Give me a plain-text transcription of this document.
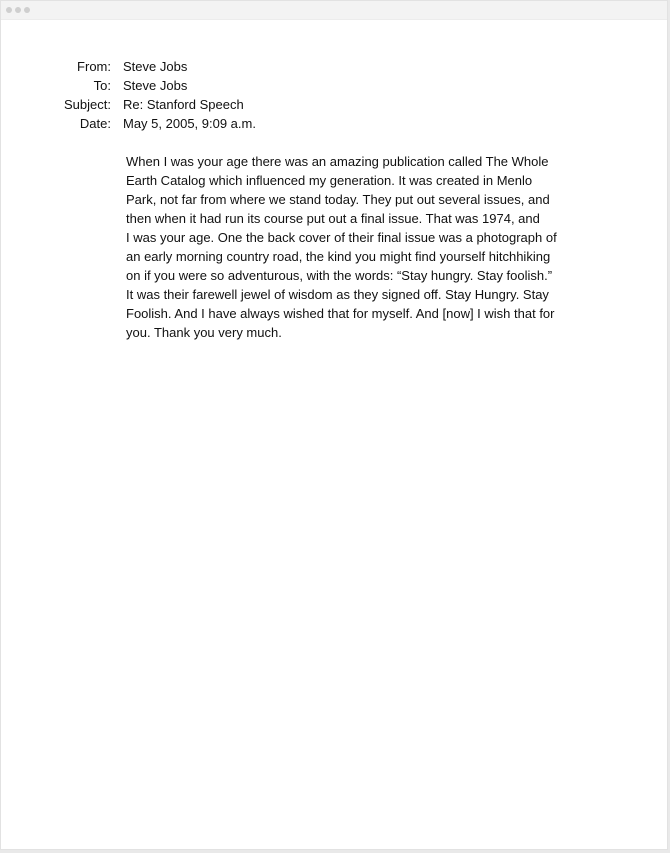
From: Steve Jobs
To: Steve Jobs
Subject: Re: Stanford Speech
Date: May 5, 2005, 9:09 a.m.
When I was your age there was an amazing publication called The Whole
Earth Catalog which influenced my generation. It was created in Menlo
Park, not far from where we stand today. They put out several issues, and
then when it had run its course put out a final issue. That was 1974, and
I was your age. One the back cover of their final issue was a photograph of
an early morning country road, the kind you might find yourself hitchhiking
on if you were so adventurous, with the words: “Stay hungry. Stay foolish.”
It was their farewell jewel of wisdom as they signed off. Stay Hungry. Stay
Foolish. And I have always wished that for myself. And [now] I wish that for
you. Thank you very much.
